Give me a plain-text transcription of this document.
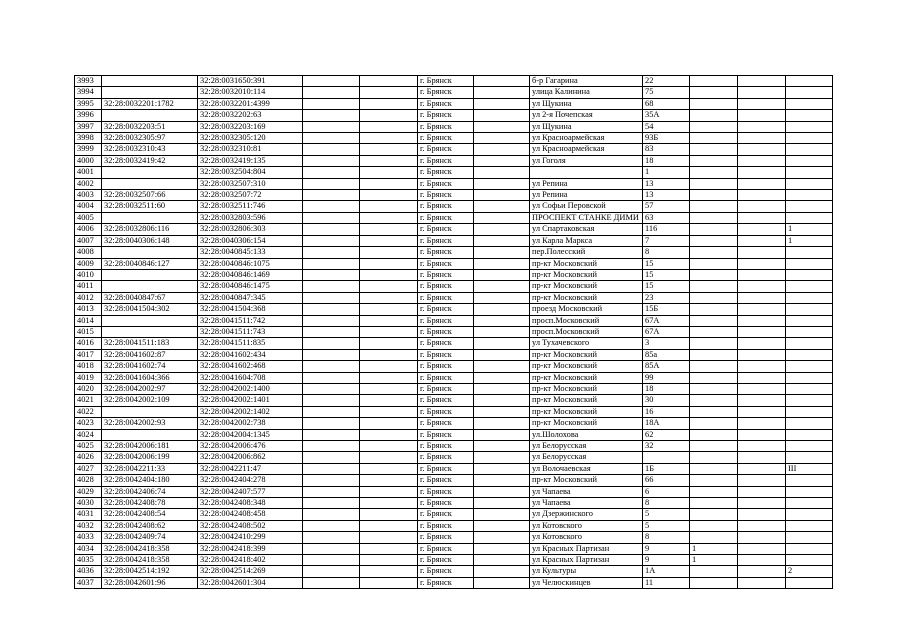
3993		32:28:0031650:391			г. Брянск		б-р Гагарина	22			
3994		32:28:0032010:114			г. Брянск		улица Калинина	75			
3995	32:28:0032201:1782	32:28:0032201:4399			г. Брянск		ул Щукина	68			
3996		32:28:0032202:63			г. Брянск		ул 2-я Почепская	35А			
3997	32:28:0032203:51	32:28:0032203:169			г. Брянск		ул Щукина	54			
3998	32:28:0032305:97	32:28:0032305:120			г. Брянск		ул Красноармейская	93Б			
3999	32:28:0032310:43	32:28:0032310:81			г. Брянск		ул Красноармейская	83			
4000	32:28:0032419:42	32:28:0032419:135			г. Брянск		ул Гоголя	18			
4001		32:28:0032504:804			г. Брянск			1			
4002		32:28:0032507:310			г. Брянск		ул Репина	13			
4003	32:28:0032507:66	32:28:0032507:72			г. Брянск		ул Репина	13			
4004	32:28:0032511:60	32:28:0032511:746			г. Брянск		ул Софьи Перовской	57			
4005		32:28:0032803:596			г. Брянск		ПРОСПЕКТ СТАНКЕ ДИМИ	63			
4006	32:28:0032806:116	32:28:0032806:303			г. Брянск		ул Спартаковская	116			1
4007	32:28:0040306:148	32:28:0040306:154			г. Брянск		ул Карла Маркса	7			1
4008		32:28:0040845:133			г. Брянск		пер.Полесский	8			
4009	32:28:0040846:127	32:28:0040846:1075			г. Брянск		пр-кт Московский	15			
4010		32:28:0040846:1469			г. Брянск		пр-кт Московский	15			
4011		32:28:0040846:1475			г. Брянск		пр-кт Московский	15			
4012	32:28:0040847:67	32:28:0040847:345			г. Брянск		пр-кт Московский	23			
4013	32:28:0041504:302	32:28:0041504:368			г. Брянск		проезд Московский	15Б			
4014		32:28:0041511:742			г. Брянск		просп.Московский	67А			
4015		32:28:0041511:743			г. Брянск		просп.Московский	67А			
4016	32:28:0041511:183	32:28:0041511:835			г. Брянск		ул Тухачевского	3			
4017	32:28:0041602:87	32:28:0041602:434			г. Брянск		пр-кт Московский	85а			
4018	32:28:0041602:74	32:28:0041602:468			г. Брянск		пр-кт Московский	85А			
4019	32:28:0041604:366	32:28:0041604:708			г. Брянск		пр-кт Московский	99			
4020	32:28:0042002:97	32:28:0042002:1400			г. Брянск		пр-кт Московский	18			
4021	32:28:0042002:109	32:28:0042002:1401			г. Брянск		пр-кт Московский	30			
4022		32:28:0042002:1402			г. Брянск		пр-кт Московский	16			
4023	32:28:0042002:93	32:28:0042002:738			г. Брянск		пр-кт Московский	18А			
4024		32:28:0042004:1345			г. Брянск		ул.Шолохова	62			
4025	32:28:0042006:181	32:28:0042006:476			г. Брянск		ул Белорусская	32			
4026	32:28:0042006:199	32:28:0042006:862			г. Брянск		ул Белорусская				
4027	32:28:0042211:33	32:28:0042211:47			г. Брянск		ул Волочаевская	1Б			III
4028	32:28:0042404:180	32:28:0042404:278			г. Брянск		пр-кт Московский	66			
4029	32:28:0042406:74	32:28:0042407:577			г. Брянск		ул Чапаева	6			
4030	32:28:0042408:78	32:28:0042408:348			г. Брянск		ул Чапаева	8			
4031	32:28:0042408:54	32:28:0042408:458			г. Брянск		ул Дзержинского	5			
4032	32:28:0042408:62	32:28:0042408:502			г. Брянск		ул Котовского	5			
4033	32:28:0042409:74	32:28:0042410:299			г. Брянск		ул Котовского	8			
4034	32:28:0042418:358	32:28:0042418:399			г. Брянск		ул Красных Партизан	9	1		
4035	32:28:0042418:358	32:28:0042418:402			г. Брянск		ул Красных Партизан	9	1		
4036	32:28:0042514:192	32:28:0042514:269			г. Брянск		ул Культуры	1А			2
4037	32:28:0042601:96	32:28:0042601:304			г. Брянск		ул Челюскинцев	11			
